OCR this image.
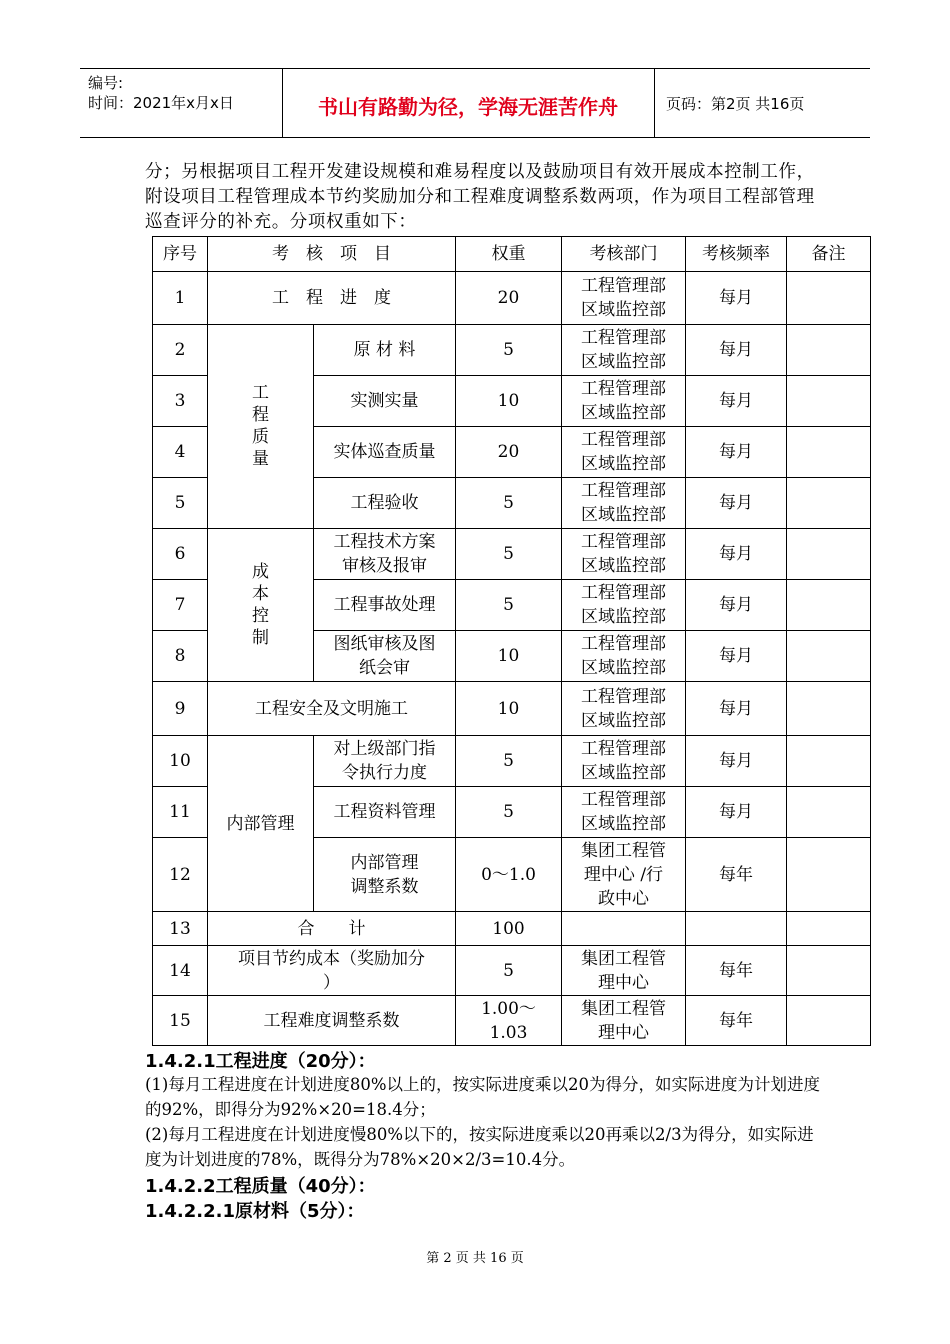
编号:
时间：2021年x月x日	书山有路勤为径，学海无涯苦作舟	页码：第2页 共16页
分；另根据项目工程开发建设规模和难易程度以及鼓励项目有效开展成本控制工作，附设项目工程管理成本节约奖励加分和工程难度调整系数两项，作为项目工程部管理巡查评分的补充。分项权重如下：
序号	考　核　项　目		权重	考核部门	考核频率	备注
1	工　程　进　度		20	工程管理部
区域监控部	每月	
2	工
程
质
量	原 材 料	5	工程管理部
区域监控部	每月	
3		实测实量	10	工程管理部
区域监控部	每月	
4		实体巡查质量	20	工程管理部
区域监控部	每月	
5		工程验收	5	工程管理部
区域监控部	每月	
6	成
本
控
制	工程技术方案
审核及报审	5	工程管理部
区域监控部	每月	
7		工程事故处理	5	工程管理部
区域监控部	每月	
8		图纸审核及图
纸会审	10	工程管理部
区域监控部	每月	
9	工程安全及文明施工		10	工程管理部
区域监控部	每月	
10	内部管理	对上级部门指
令执行力度	5	工程管理部
区域监控部	每月	
11		工程资料管理	5	工程管理部
区域监控部	每月	
12		内部管理
调整系数	0～1.0	集团工程管
理中心 /行
政中心	每年	
13	合　　计		100			
14	项目节约成本（奖励加分
）		5	集团工程管
理中心	每年	
15	工程难度调整系数		1.00～
1.03	集团工程管
理中心	每年	
1.4.2.1工程进度（20分）：
(1)每月工程进度在计划进度80%以上的，按实际进度乘以20为得分，如实际进度为计划进度的92%，即得分为92%×20=18.4分；
(2)每月工程进度在计划进度慢80%以下的，按实际进度乘以20再乘以2/3为得分，如实际进度为计划进度的78%，既得分为78%×20×2/3=10.4分。
1.4.2.2工程质量（40分）：
1.4.2.2.1原材料（5分）：
第 2 页 共 16 页
